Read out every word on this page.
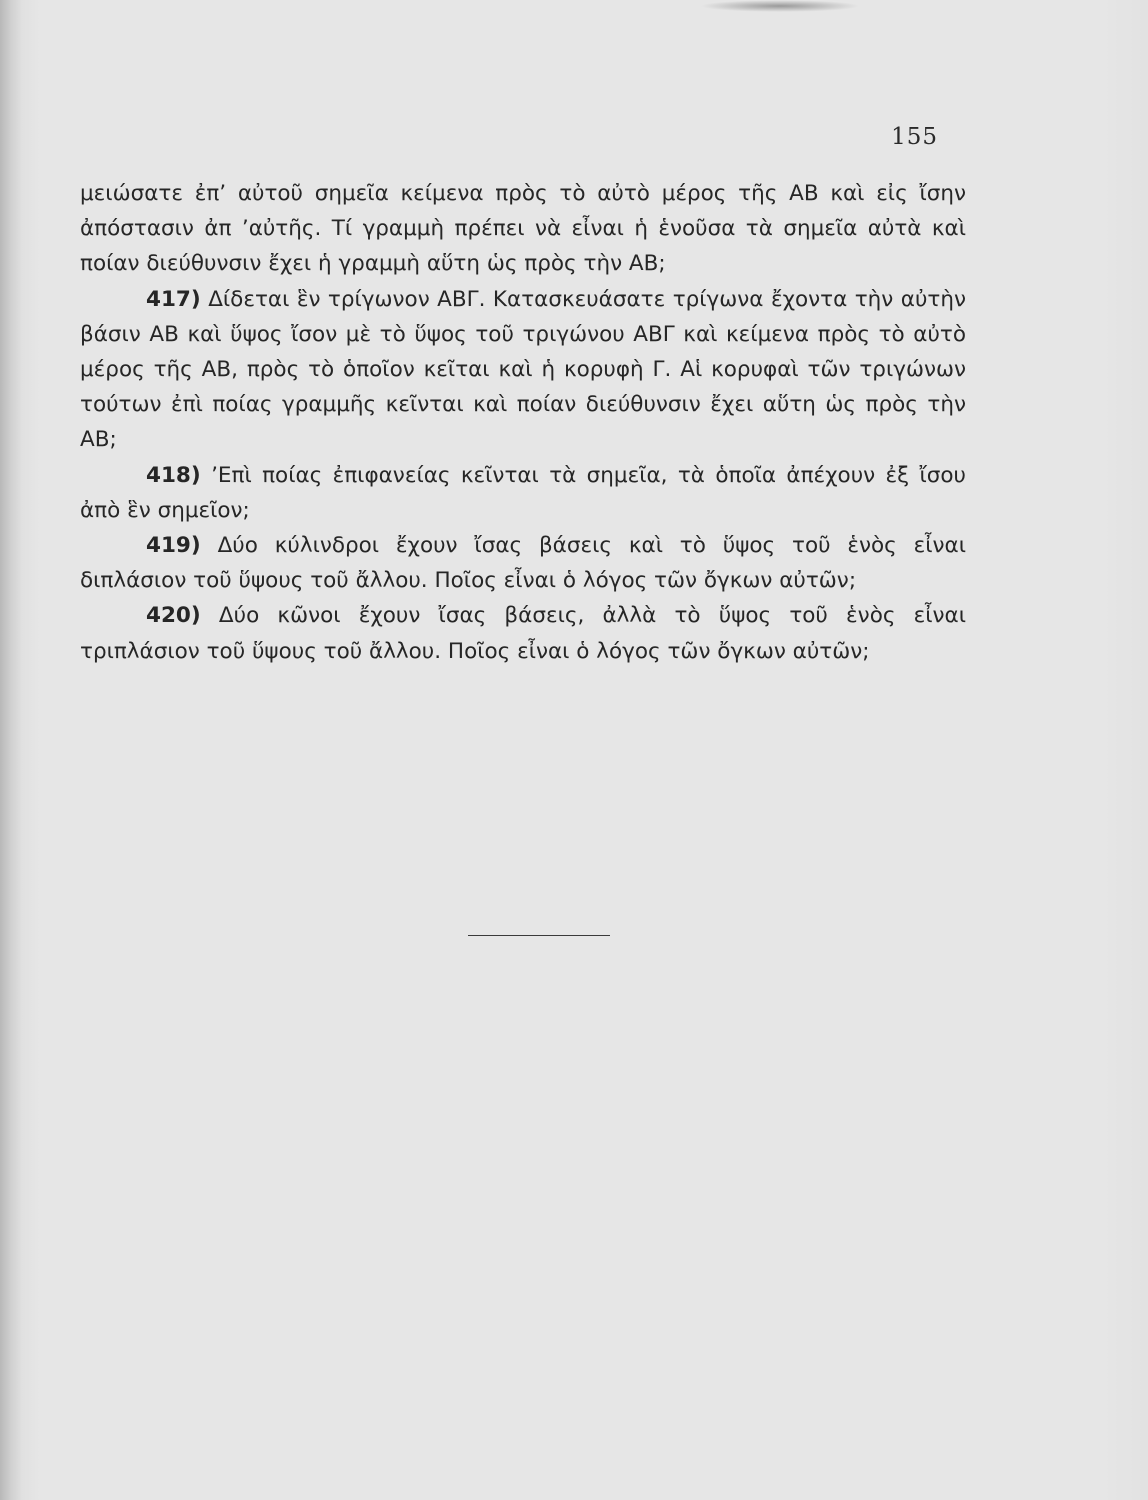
155

μειώσατε ἐπ’ αὐτοῦ σημεῖα κείμενα πρὸς τὸ αὐτὸ μέρος τῆς ΑΒ καὶ εἰς ἴσην ἀπόστασιν ἀπ ’αὐτῆς. Τί γραμμὴ πρέπει νὰ εἶναι ἡ ἑνοῦσα τὰ σημεῖα αὐτὰ καὶ ποίαν διεύθυνσιν ἔχει ἡ γραμμὴ αὕτη ὡς πρὸς τὴν ΑΒ;

417) Δίδεται ἓν τρίγωνον ΑΒΓ. Κατασκευάσατε τρίγωνα ἔχοντα τὴν αὐτὴν βάσιν ΑΒ καὶ ὕψος ἴσον μὲ τὸ ὕψος τοῦ τριγώνου ΑΒΓ καὶ κείμενα πρὸς τὸ αὐτὸ μέρος τῆς ΑΒ, πρὸς τὸ ὁποῖον κεῖται καὶ ἡ κορυφὴ Γ. Αἱ κορυφαὶ τῶν τριγώνων τούτων ἐπὶ ποίας γραμμῆς κεῖνται καὶ ποίαν διεύθυνσιν ἔχει αὕτη ὡς πρὸς τὴν ΑΒ;

418) ’Επὶ ποίας ἐπιφανείας κεῖνται τὰ σημεῖα, τὰ ὁποῖα ἀπέχουν ἐξ ἴσου ἀπὸ ἓν σημεῖον;

419) Δύο κύλινδροι ἔχουν ἴσας βάσεις καὶ τὸ ὕψος τοῦ ἑνὸς εἶναι διπλάσιον τοῦ ὕψους τοῦ ἄλλου. Ποῖος εἶναι ὁ λόγος τῶν ὄγκων αὐτῶν;

420) Δύο κῶνοι ἔχουν ἴσας βάσεις, ἀλλὰ τὸ ὕψος τοῦ ἑνὸς εἶναι τριπλάσιον τοῦ ὕψους τοῦ ἄλλου. Ποῖος εἶναι ὁ λόγος τῶν ὄγκων αὐτῶν;
